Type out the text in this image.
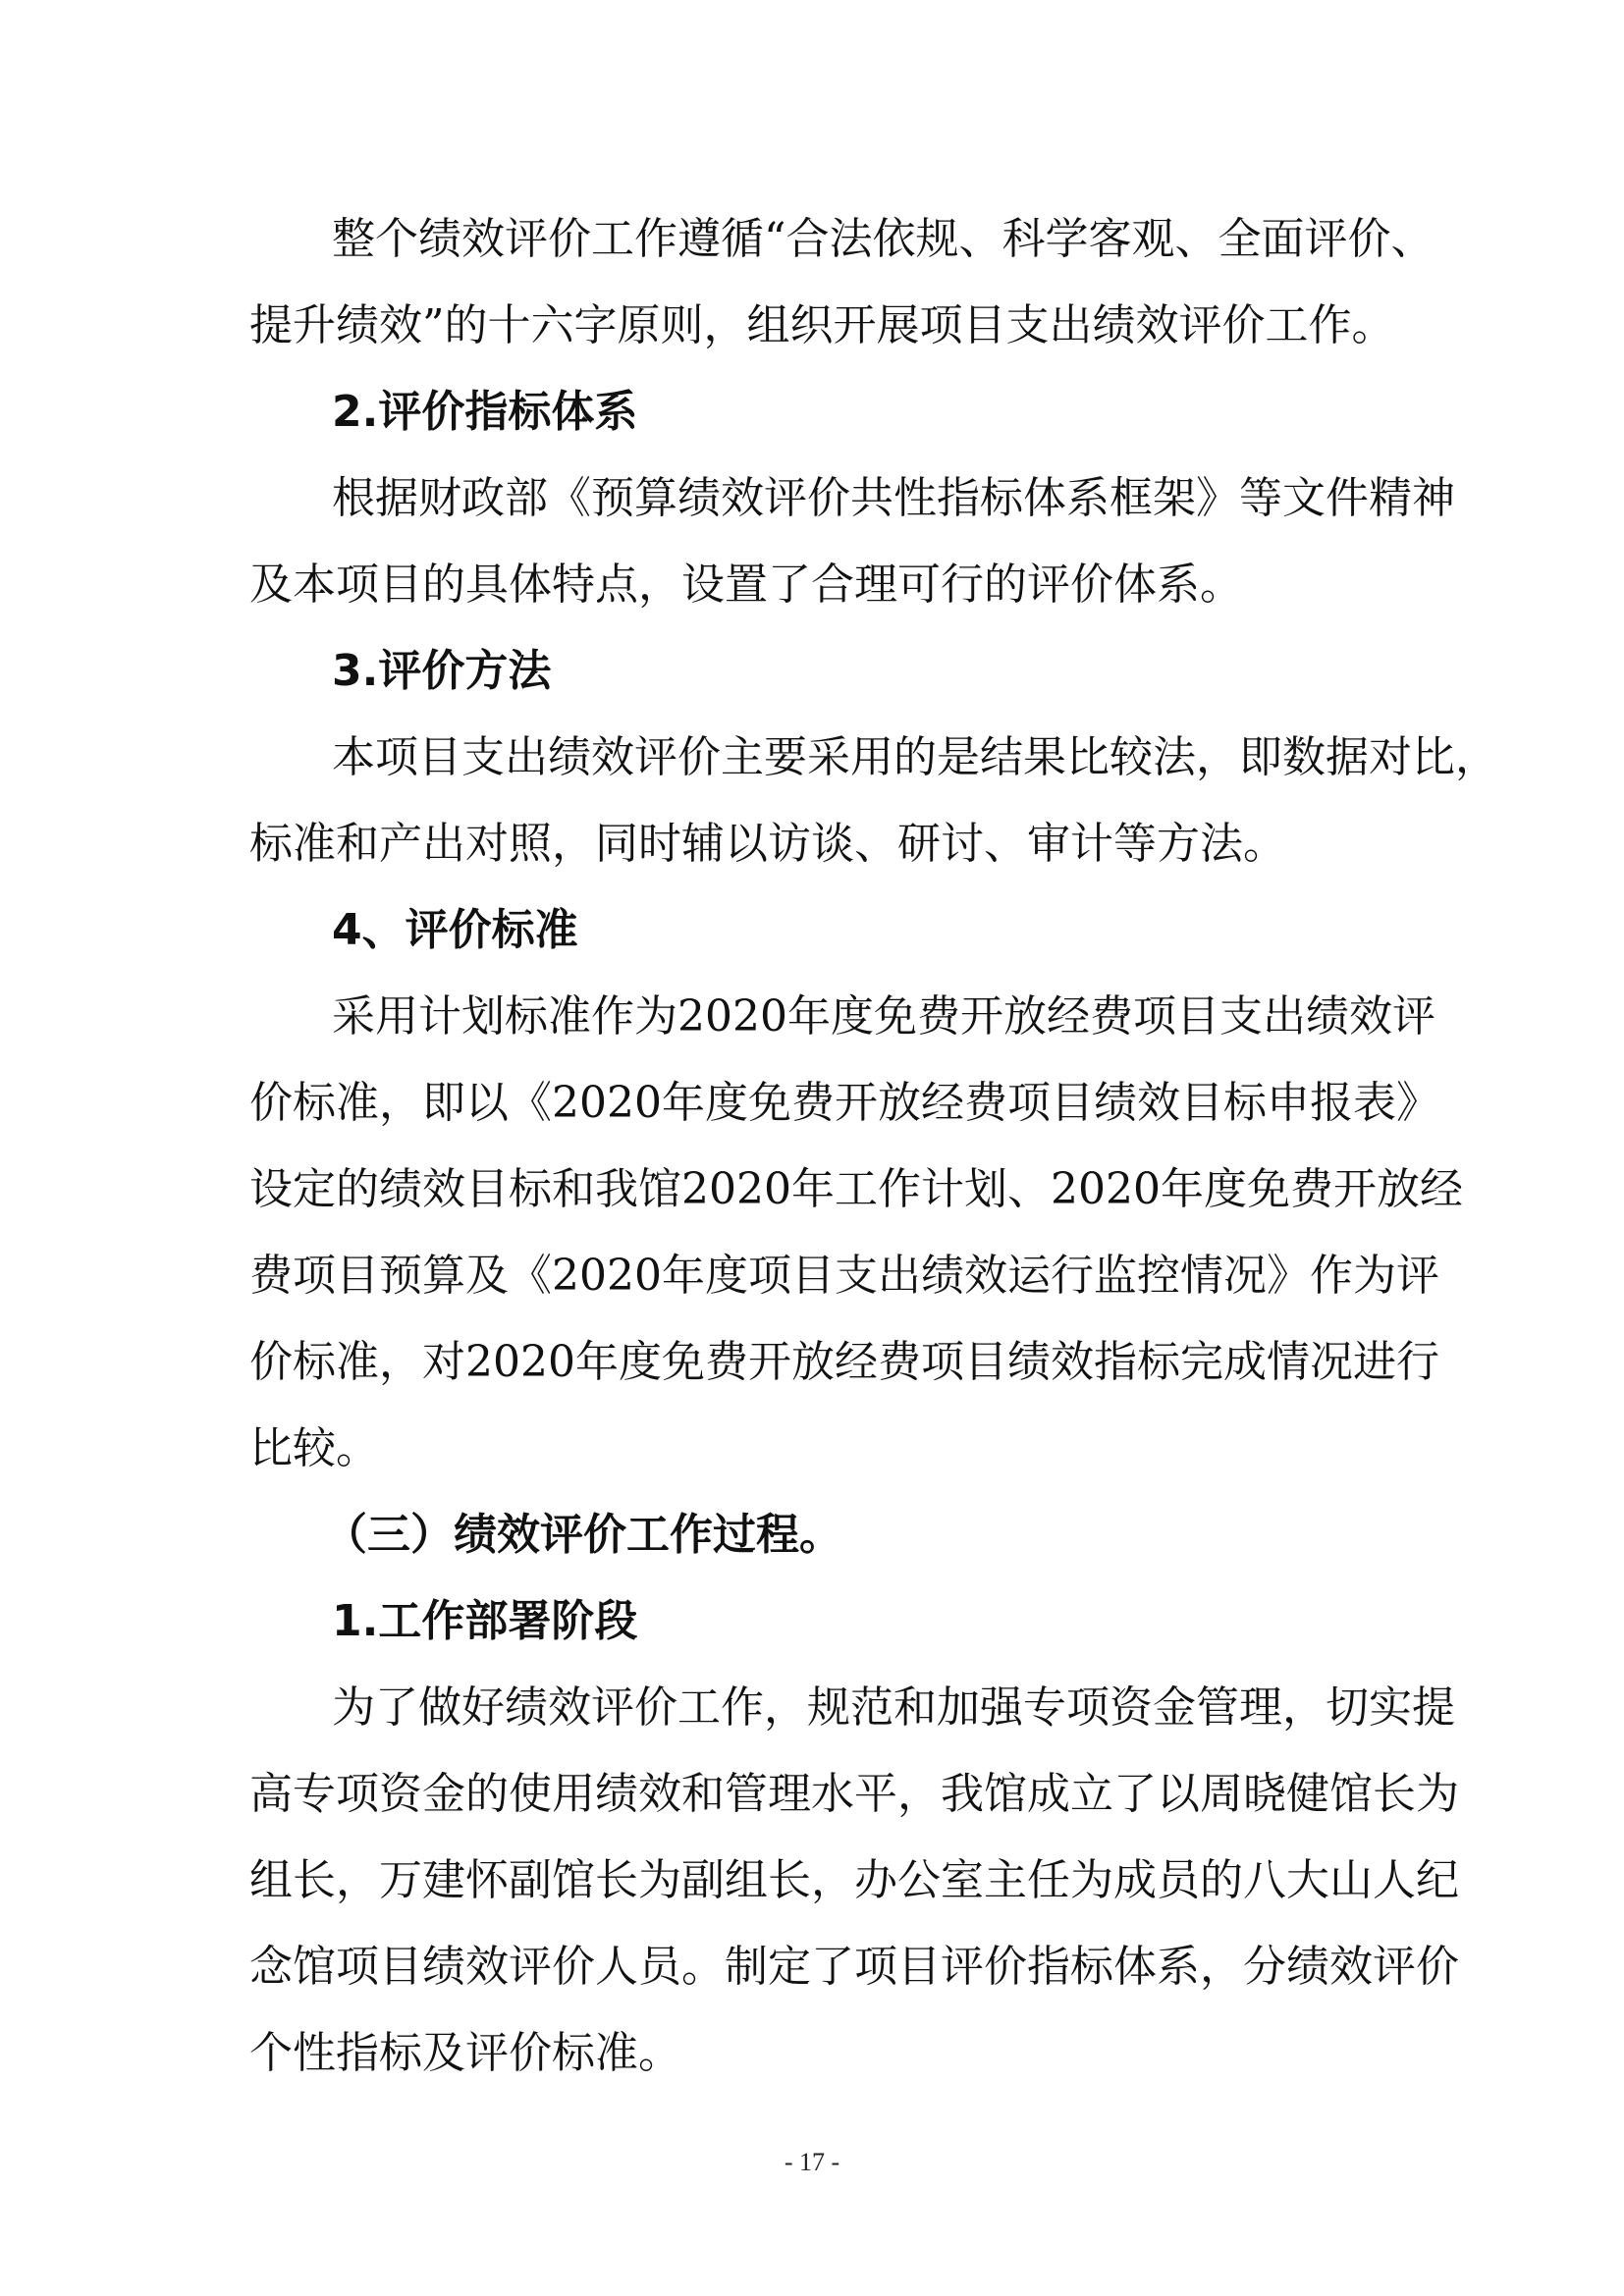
整个绩效评价工作遵循“合法依规、科学客观、全面评价、
提升绩效”的十六字原则，组织开展项目支出绩效评价工作。
2.评价指标体系
根据财政部《预算绩效评价共性指标体系框架》等文件精神
及本项目的具体特点，设置了合理可行的评价体系。
3.评价方法
本项目支出绩效评价主要采用的是结果比较法，即数据对比，
标准和产出对照，同时辅以访谈、研讨、审计等方法。
4、评价标准
采用计划标准作为2020年度免费开放经费项目支出绩效评
价标准，即以《2020年度免费开放经费项目绩效目标申报表》
设定的绩效目标和我馆2020年工作计划、2020年度免费开放经
费项目预算及《2020年度项目支出绩效运行监控情况》作为评
价标准，对2020年度免费开放经费项目绩效指标完成情况进行
比较。
（三）绩效评价工作过程。
1.工作部署阶段
为了做好绩效评价工作，规范和加强专项资金管理，切实提
高专项资金的使用绩效和管理水平，我馆成立了以周晓健馆长为
组长，万建怀副馆长为副组长，办公室主任为成员的八大山人纪
念馆项目绩效评价人员。制定了项目评价指标体系，分绩效评价
个性指标及评价标准。
- 17 -
